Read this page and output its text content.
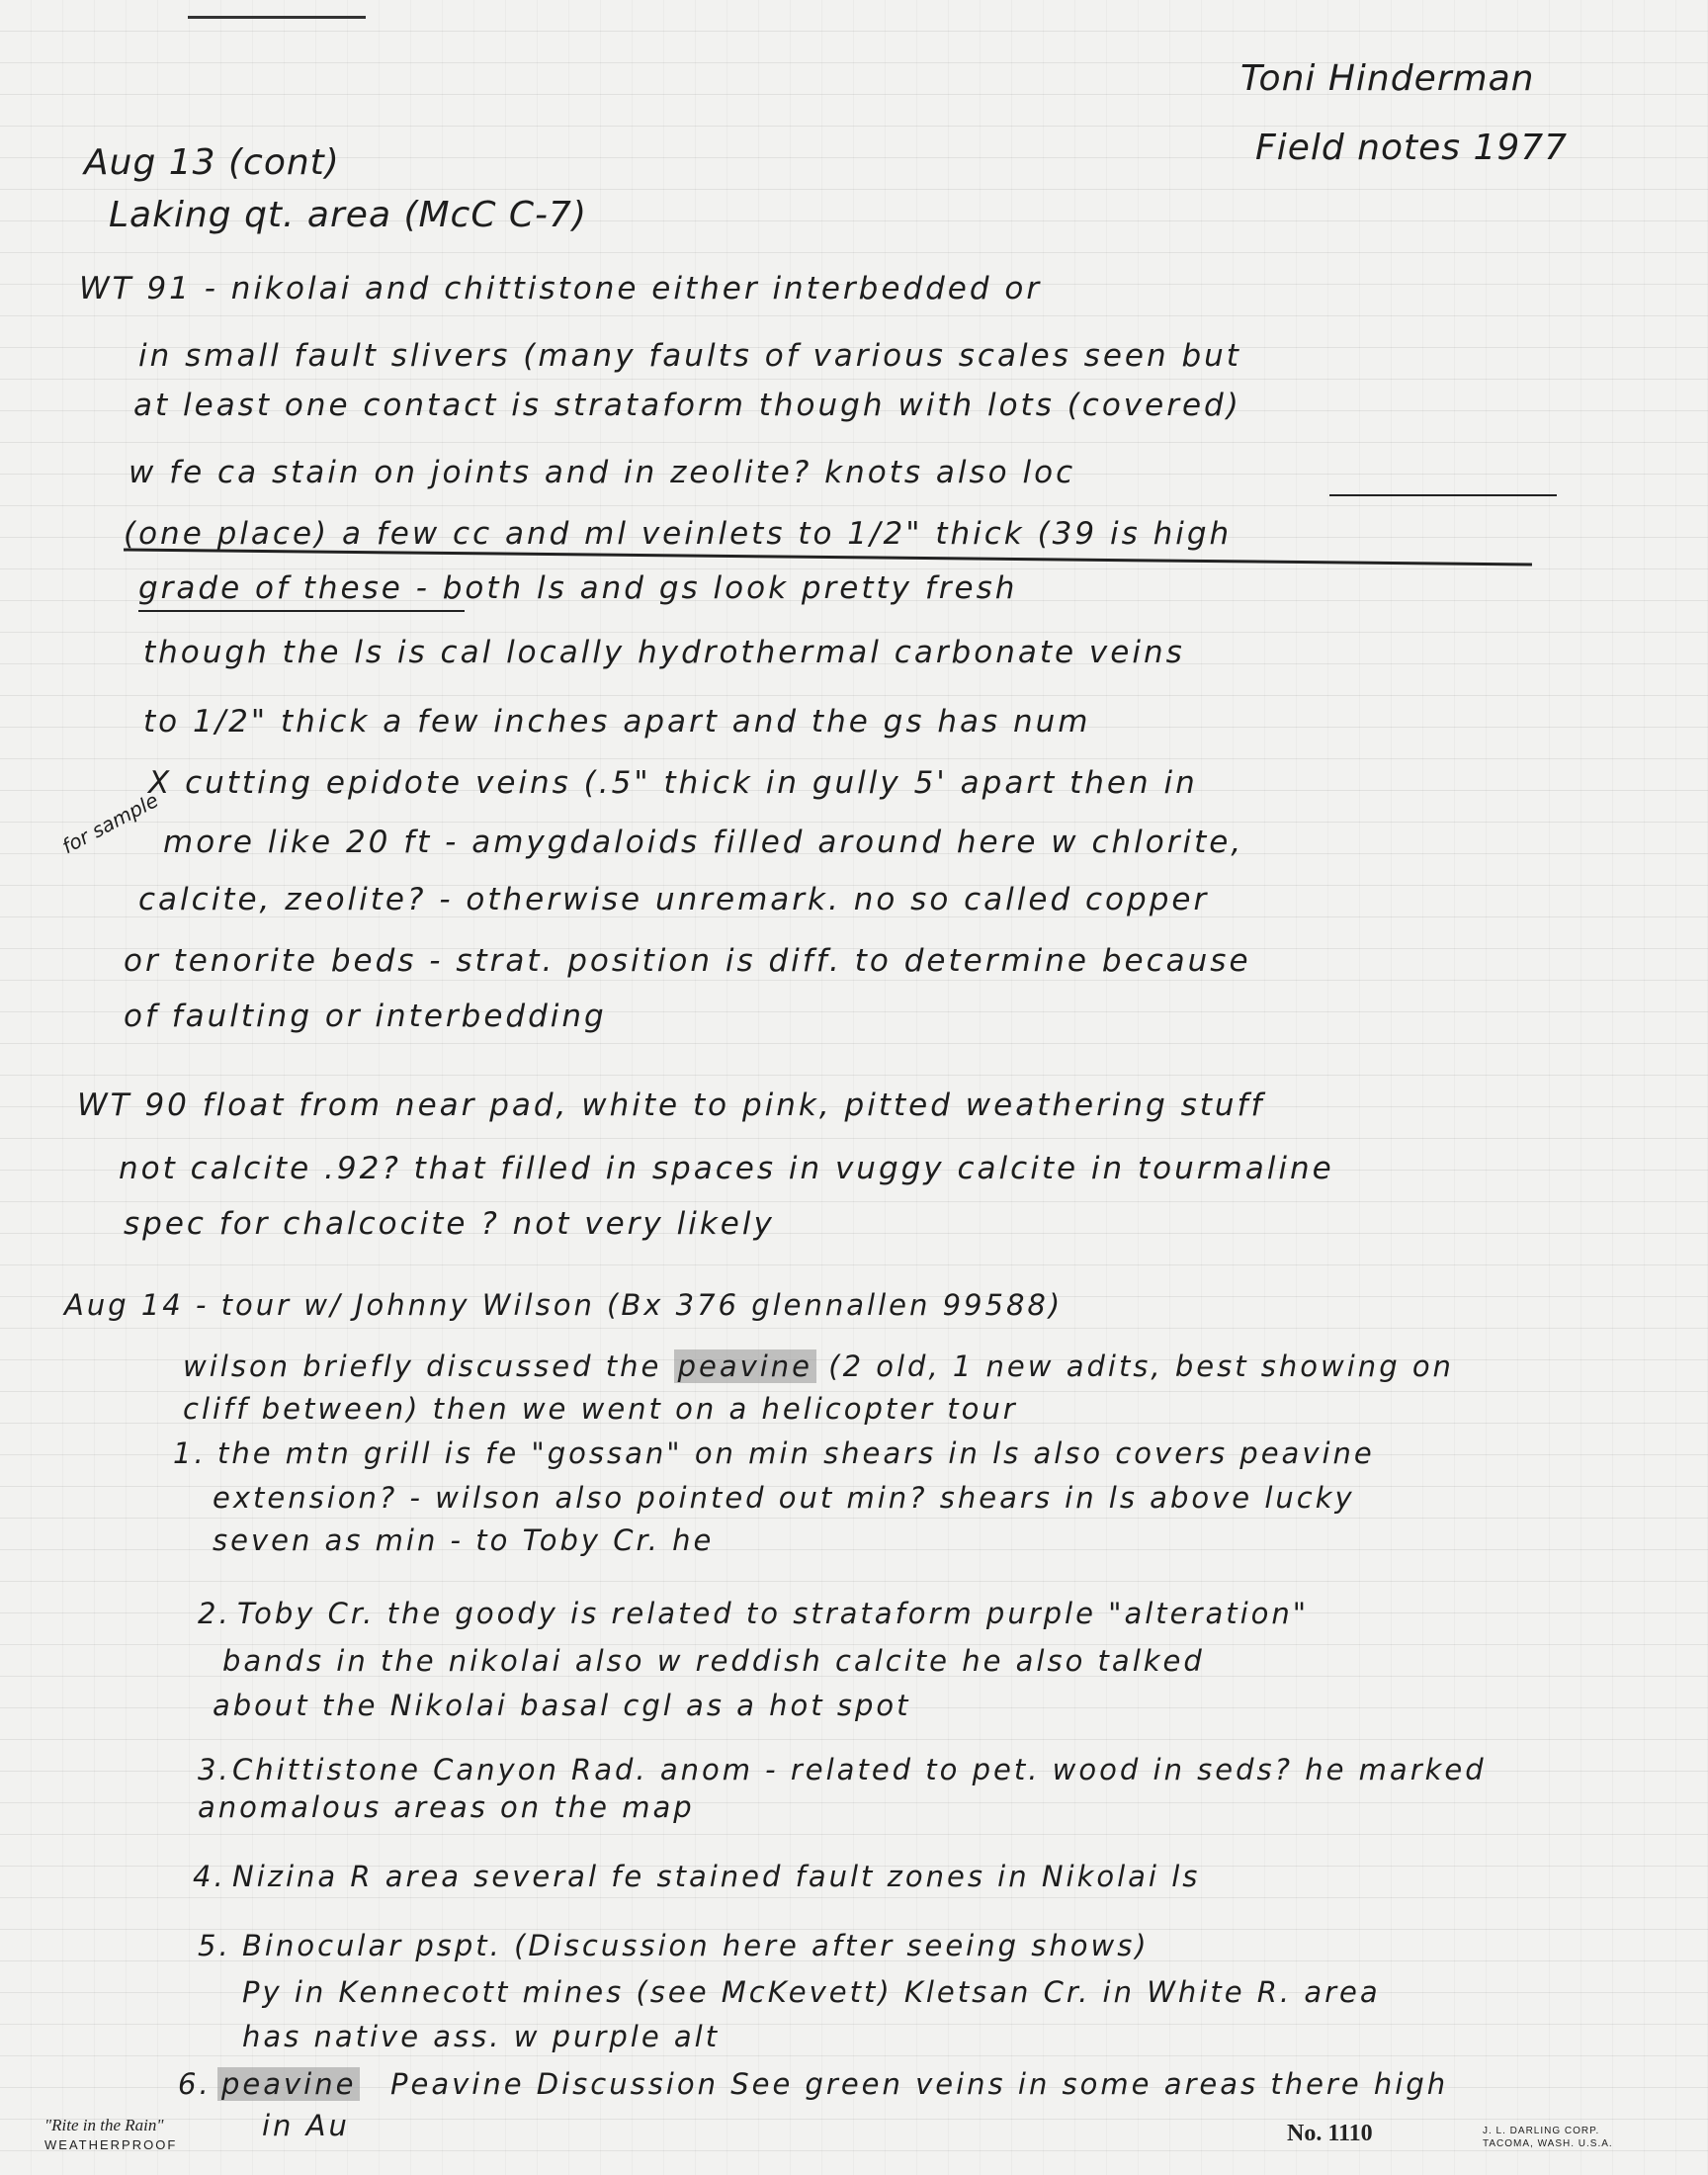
Toni Hinderman
Field notes 1977
Aug 13 (cont)
Laking qt. area (McC C-7)
WT 91 - nikolai and chittistone either interbedded or
in small fault slivers (many faults of various scales seen but
at least one contact is strataform though with lots (covered)
w fe ca stain on joints and in zeolite? knots also loc
(one place) a few cc and ml veinlets to 1/2" thick (39 is high
grade of these - both ls and gs look pretty fresh
though the ls is cal locally hydrothermal carbonate veins
to 1/2" thick a few inches apart and the gs has num
X cutting epidote veins (.5" thick in gully 5' apart then in
for sample more like 20 ft - amygdaloids filled around here w chlorite,
calcite, zeolite? - otherwise unremark. no so called copper
or tenorite beds - strat. position is diff. to determine because
of faulting or interbedding
WT 90 float from near pad, white to pink, pitted weathering stuff
not calcite .92? that filled in spaces in vuggy calcite in tourmaline
spec for chalcocite ? not very likely
Aug 14 - tour w/ Johnny Wilson (Bx 376 glennallen 99588)
wilson briefly discussed the peavine (2 old, 1 new adits, best showing on
cliff between) then we went on a helicopter tour
1. the mtn grill is fe "gossan" on min shears in ls also covers peavine
extension? - wilson also pointed out min? shears in ls above lucky
seven as min - to Toby Cr. he
2. Toby Cr. the goody is related to strataform purple "alteration"
bands in the nikolai also w reddish calcite he also talked
about the Nikolai basal cgl as a hot spot
3. Chittistone Canyon Rad. anom - related to pet. wood in seds? he marked
anomalous areas on the map
4. Nizina R area several fe stained fault zones in Nikolai ls
5. Binocular pspt. (Discussion here after seeing shows)
Py in Kennecott mines (see McKevett) Kletsan Cr. in White R. area
has native ass. w purple alt
6. peavine Peavine Discussion See green veins in some areas there high
in Au
"Rite in the Rain"
WEATHERPROOF	No. 1110	J. L. DARLING CORP.
TACOMA, WASH. U.S.A.
